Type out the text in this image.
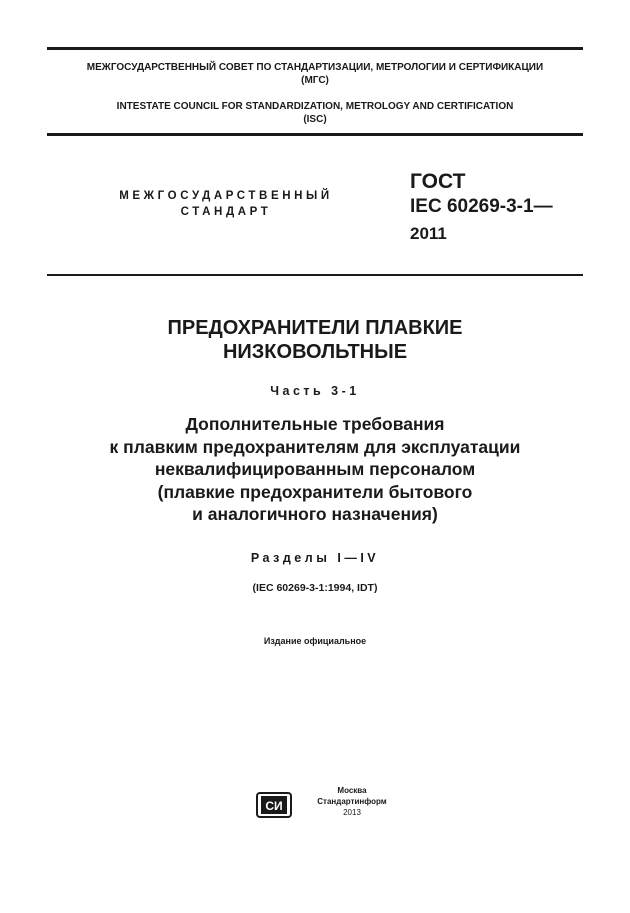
МЕЖГОСУДАРСТВЕННЫЙ СОВЕТ ПО СТАНДАРТИЗАЦИИ, МЕТРОЛОГИИ И СЕРТИФИКАЦИИ
(МГС)
INTESTATE COUNCIL FOR STANDARDIZATION, METROLOGY AND CERTIFICATION
(ISC)
МЕЖГОСУДАРСТВЕННЫЙ
СТАНДАРТ
ГОСТ
IEC 60269-3-1—
2011
ПРЕДОХРАНИТЕЛИ ПЛАВКИЕ
НИЗКОВОЛЬТНЫЕ
Часть 3-1
Дополнительные требования
к плавким предохранителям для эксплуатации
неквалифицированным персоналом
(плавкие предохранители бытового
и аналогичного назначения)
Разделы I—IV
(IEC 60269-3-1:1994, IDT)
Издание официальное
СИ
Москва
Стандартинформ
2013
